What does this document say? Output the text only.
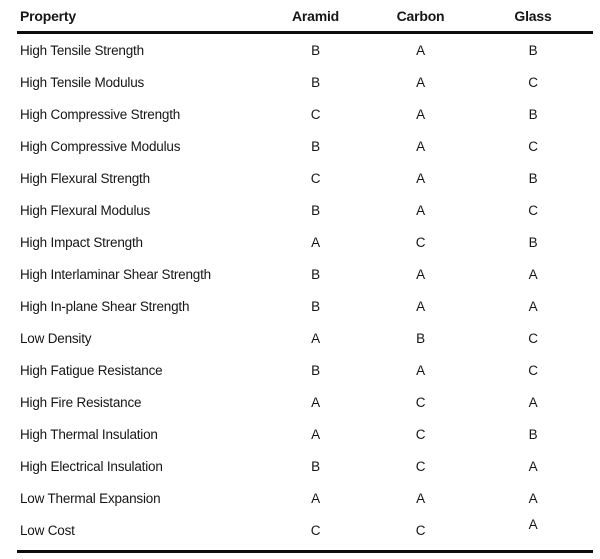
Property	Aramid	Carbon	Glass
High Tensile Strength	B	A	B
High Tensile Modulus	B	A	C
High Compressive Strength	C	A	B
High Compressive Modulus	B	A	C
High Flexural Strength	C	A	B
High Flexural Modulus	B	A	C
High Impact Strength	A	C	B
High Interlaminar Shear Strength	B	A	A
High In-plane Shear Strength	B	A	A
Low Density	A	B	C
High Fatigue Resistance	B	A	C
High Fire Resistance	A	C	A
High Thermal Insulation	A	C	B
High Electrical Insulation	B	C	A
Low Thermal Expansion	A	A	A
Low Cost	C	C	A
